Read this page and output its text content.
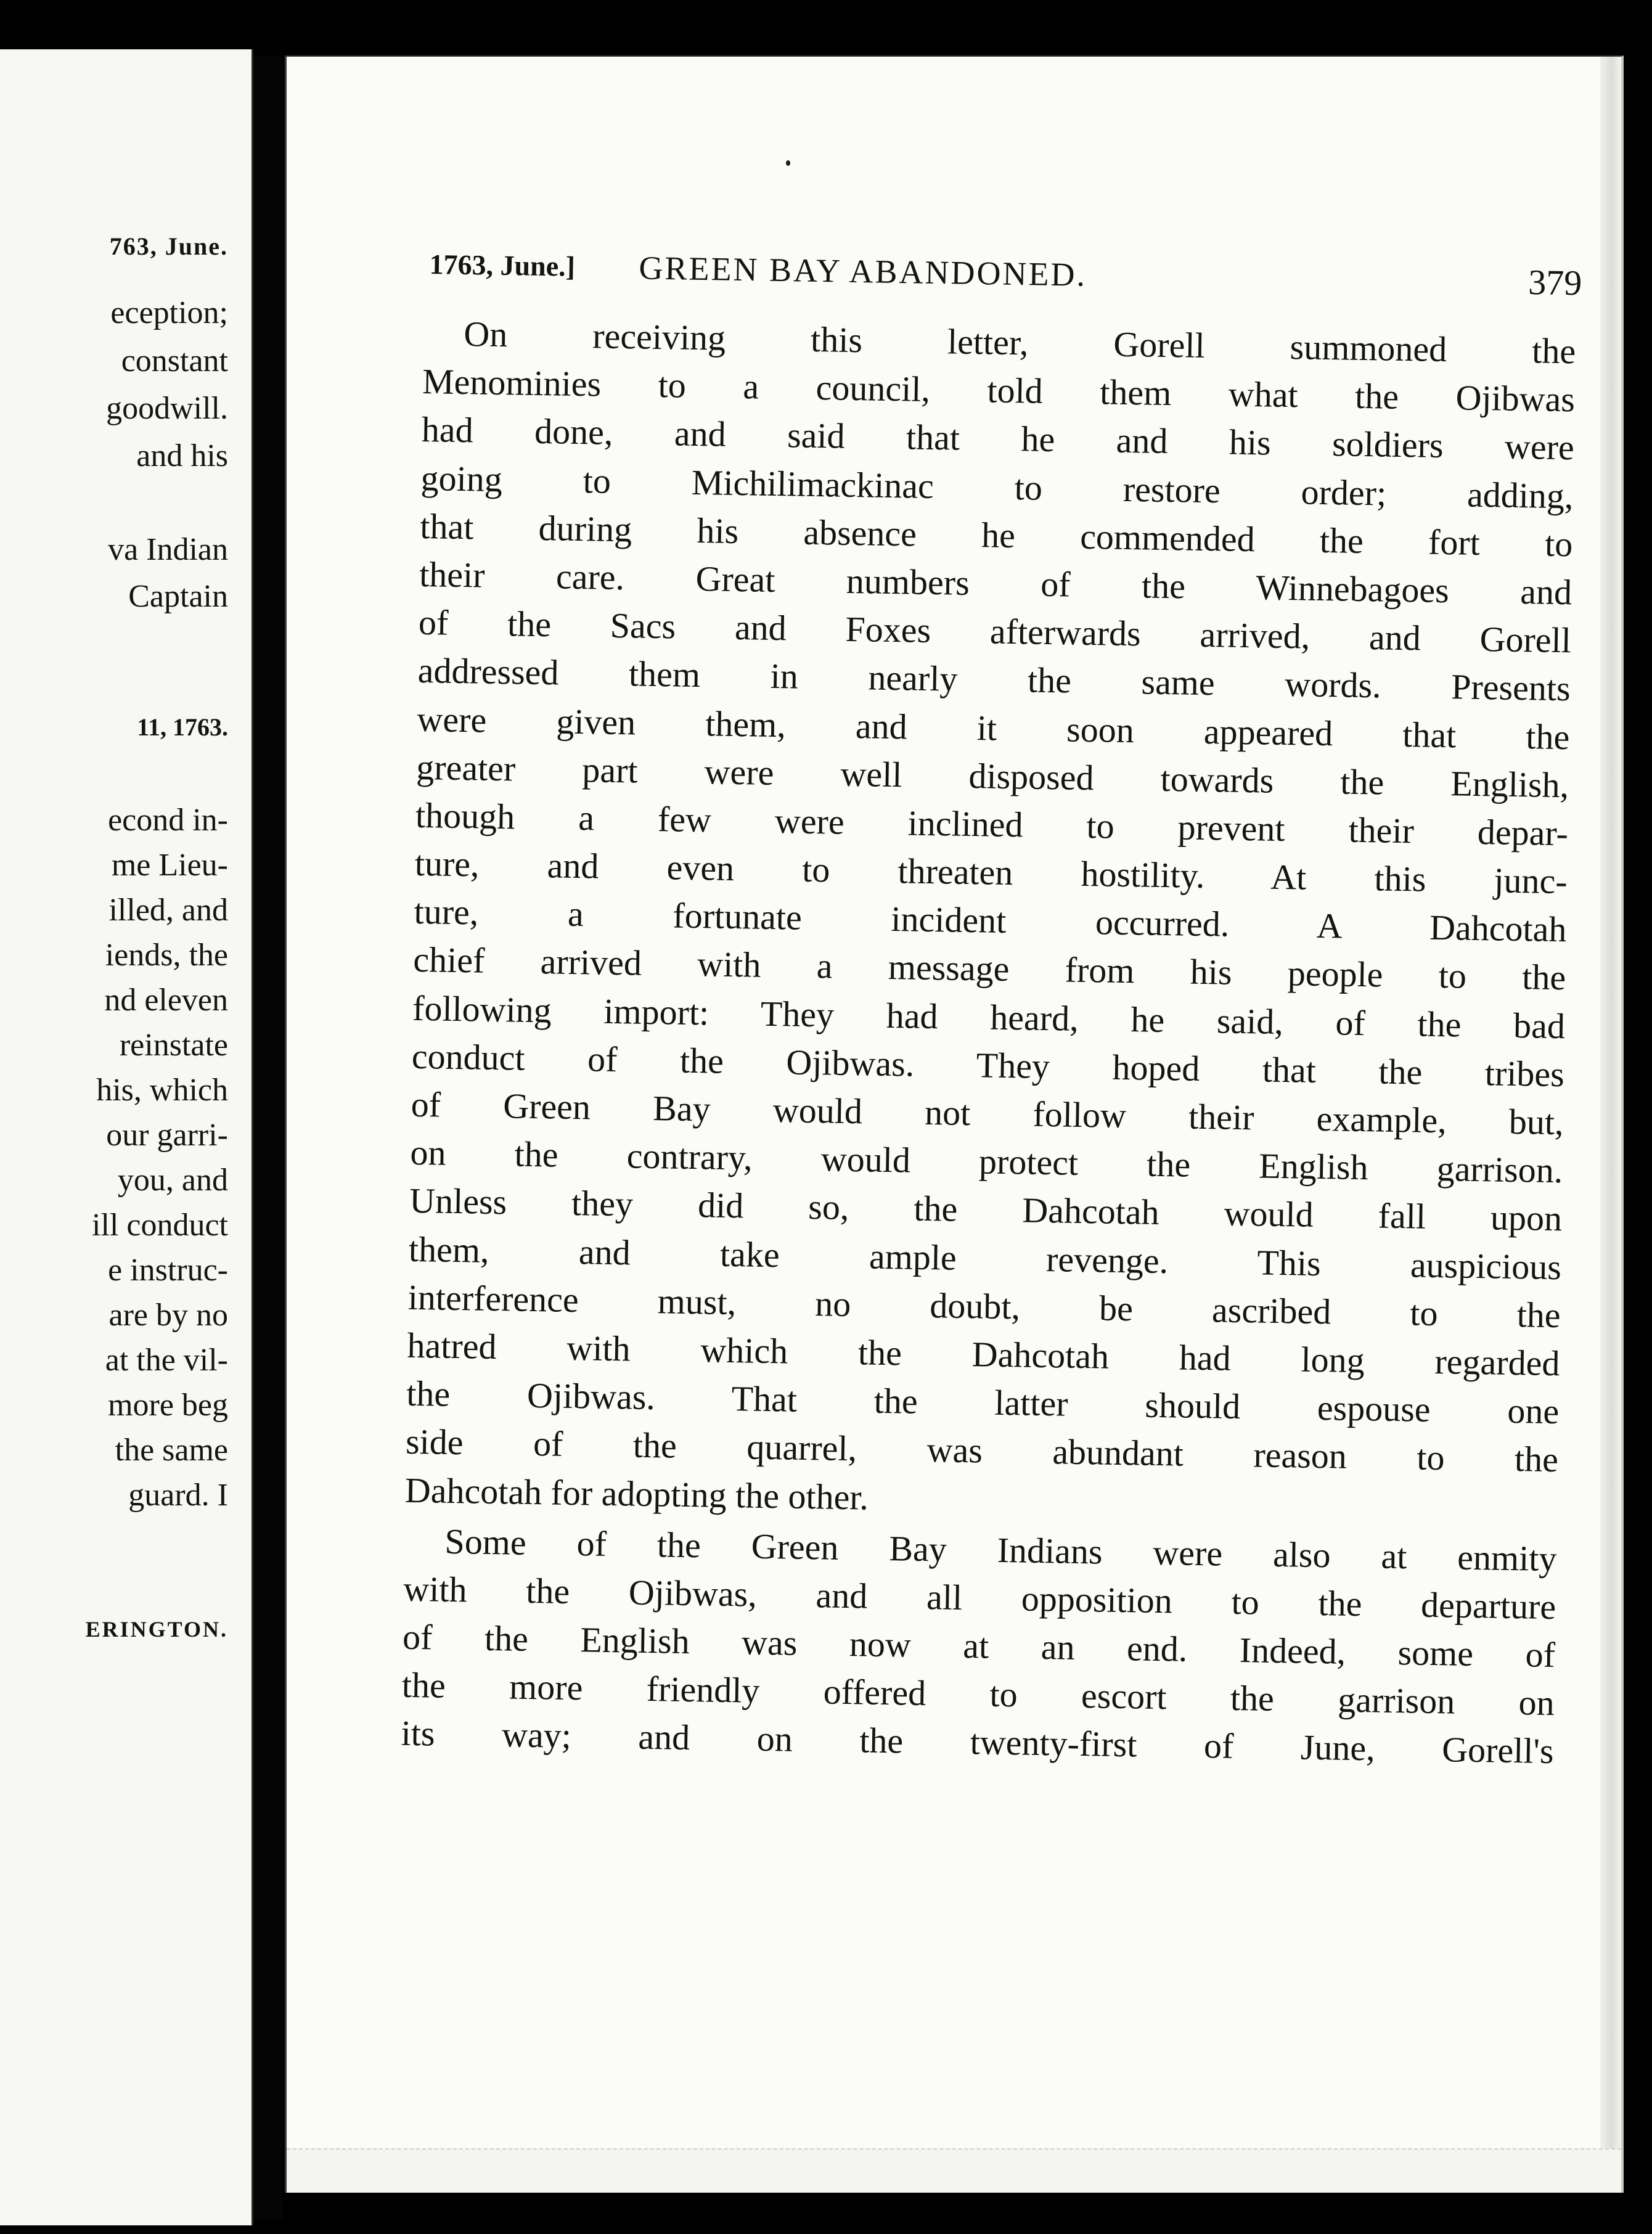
763, June.
eception;
constant
goodwill.
and his
va Indian
Captain
11, 1763.
econd in-
me Lieu-
illed, and
iends, the
nd eleven
reinstate
his, which
our garri-
you, and
ill conduct
e instruc-
are by no
at the vil-
more beg
the same
guard. I
ERINGTON.
1763, June.] GREEN BAY ABANDONED.	379
On receiving this letter, Gorell summoned the
Menominies to a council, told them what the Ojibwas
had done, and said that he and his soldiers were
going to Michilimackinac to restore order; adding,
that during his absence he commended the fort to
their care. Great numbers of the Winnebagoes and
of the Sacs and Foxes afterwards arrived, and Gorell
addressed them in nearly the same words. Presents
were given them, and it soon appeared that the
greater part were well disposed towards the English,
though a few were inclined to prevent their depar-
ture, and even to threaten hostility. At this junc-
ture, a fortunate incident occurred. A Dahcotah
chief arrived with a message from his people to the
following import: They had heard, he said, of the bad
conduct of the Ojibwas. They hoped that the tribes
of Green Bay would not follow their example, but,
on the contrary, would protect the English garrison.
Unless they did so, the Dahcotah would fall upon
them, and take ample revenge. This auspicious
interference must, no doubt, be ascribed to the
hatred with which the Dahcotah had long regarded
the Ojibwas. That the latter should espouse one
side of the quarrel, was abundant reason to the
Dahcotah for adopting the other.
Some of the Green Bay Indians were also at enmity
with the Ojibwas, and all opposition to the departure
of the English was now at an end. Indeed, some of
the more friendly offered to escort the garrison on
its way; and on the twenty-first of June, Gorell's
